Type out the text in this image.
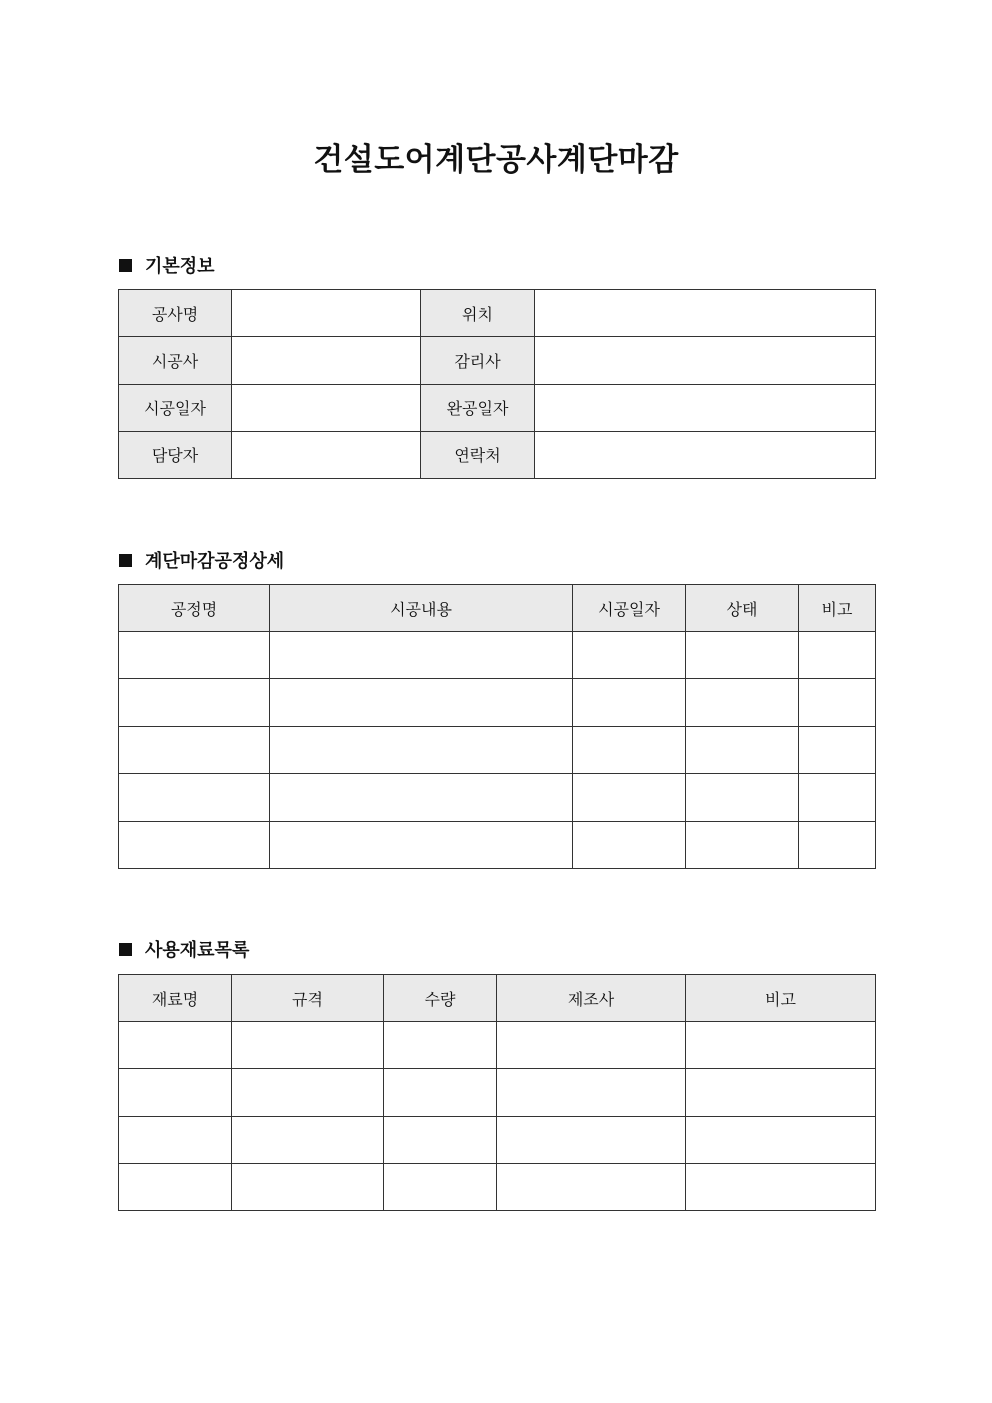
건설도어계단공사계단마감
기본정보
공사명		위치	
시공사		감리사	
시공일자		완공일자	
담당자		연락처	
계단마감공정상세
공정명	시공내용	시공일자	상태	비고

사용재료목록
재료명	규격	수량	제조사	비고
